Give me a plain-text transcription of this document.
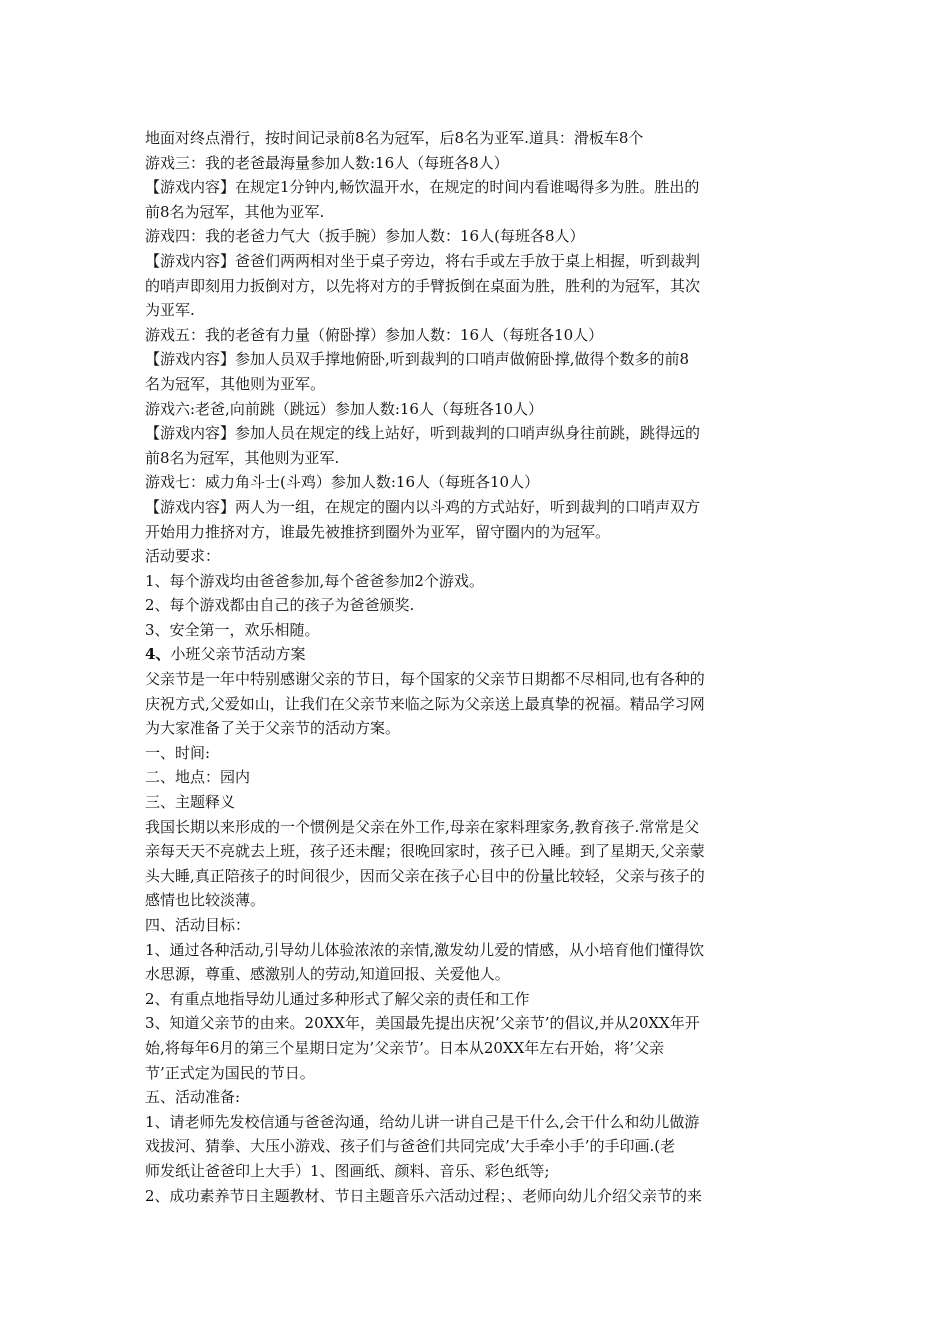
地面对终点滑行，按时间记录前8名为冠军，后8名为亚军.道具：滑板车8个
游戏三：我的老爸最海量参加人数:16人（每班各8人）
【游戏内容】在规定1分钟内,畅饮温开水，在规定的时间内看谁喝得多为胜。胜出的
前8名为冠军，其他为亚军.
游戏四：我的老爸力气大（扳手腕）参加人数：16人(每班各8人）
【游戏内容】爸爸们两两相对坐于桌子旁边，将右手或左手放于桌上相握，听到裁判
的哨声即刻用力扳倒对方，以先将对方的手臂扳倒在桌面为胜，胜利的为冠军，其次
为亚军.
游戏五：我的老爸有力量（俯卧撑）参加人数：16人（每班各10人）
【游戏内容】参加人员双手撑地俯卧,听到裁判的口哨声做俯卧撑,做得个数多的前8
名为冠军，其他则为亚军。
游戏六:老爸,向前跳（跳远）参加人数:16人（每班各10人）
【游戏内容】参加人员在规定的线上站好，听到裁判的口哨声纵身往前跳，跳得远的
前8名为冠军，其他则为亚军.
游戏七：威力角斗士(斗鸡）参加人数:16人（每班各10人）
【游戏内容】两人为一组，在规定的圈内以斗鸡的方式站好，听到裁判的口哨声双方
开始用力推挤对方，谁最先被推挤到圈外为亚军，留守圈内的为冠军。
活动要求：
1、每个游戏均由爸爸参加,每个爸爸参加2个游戏。
2、每个游戏都由自己的孩子为爸爸颁奖.
3、安全第一，欢乐相随。
4、小班父亲节活动方案
父亲节是一年中特别感谢父亲的节日，每个国家的父亲节日期都不尽相同,也有各种的
庆祝方式,父爱如山，让我们在父亲节来临之际为父亲送上最真挚的祝福。精品学习网
为大家准备了关于父亲节的活动方案。
一、时间:
二、地点：园内
三、主题释义
我国长期以来形成的一个惯例是父亲在外工作,母亲在家料理家务,教育孩子.常常是父
亲每天天不亮就去上班，孩子还未醒；很晚回家时，孩子已入睡。到了星期天,父亲蒙
头大睡,真正陪孩子的时间很少，因而父亲在孩子心目中的份量比较轻，父亲与孩子的
感情也比较淡薄。
四、活动目标：
1、通过各种活动,引导幼儿体验浓浓的亲情,激发幼儿爱的情感，从小培育他们懂得饮
水思源，尊重、感激别人的劳动,知道回报、关爱他人。
2、有重点地指导幼儿通过多种形式了解父亲的责任和工作
3、知道父亲节的由来。20XX年，美国最先提出庆祝’父亲节’的倡议,并从20XX年开
始,将每年6月的第三个星期日定为’父亲节’。日本从20XX年左右开始，将’父亲
节’正式定为国民的节日。
五、活动准备:
1、请老师先发校信通与爸爸沟通，给幼儿讲一讲自己是干什么,会干什么和幼儿做游
戏拔河、猜拳、大压小游戏、孩子们与爸爸们共同完成’大手牵小手’的手印画.(老
师发纸让爸爸印上大手）1、图画纸、颜料、音乐、彩色纸等;
2、成功素养节日主题教材、节日主题音乐六活动过程；、老师向幼儿介绍父亲节的来
